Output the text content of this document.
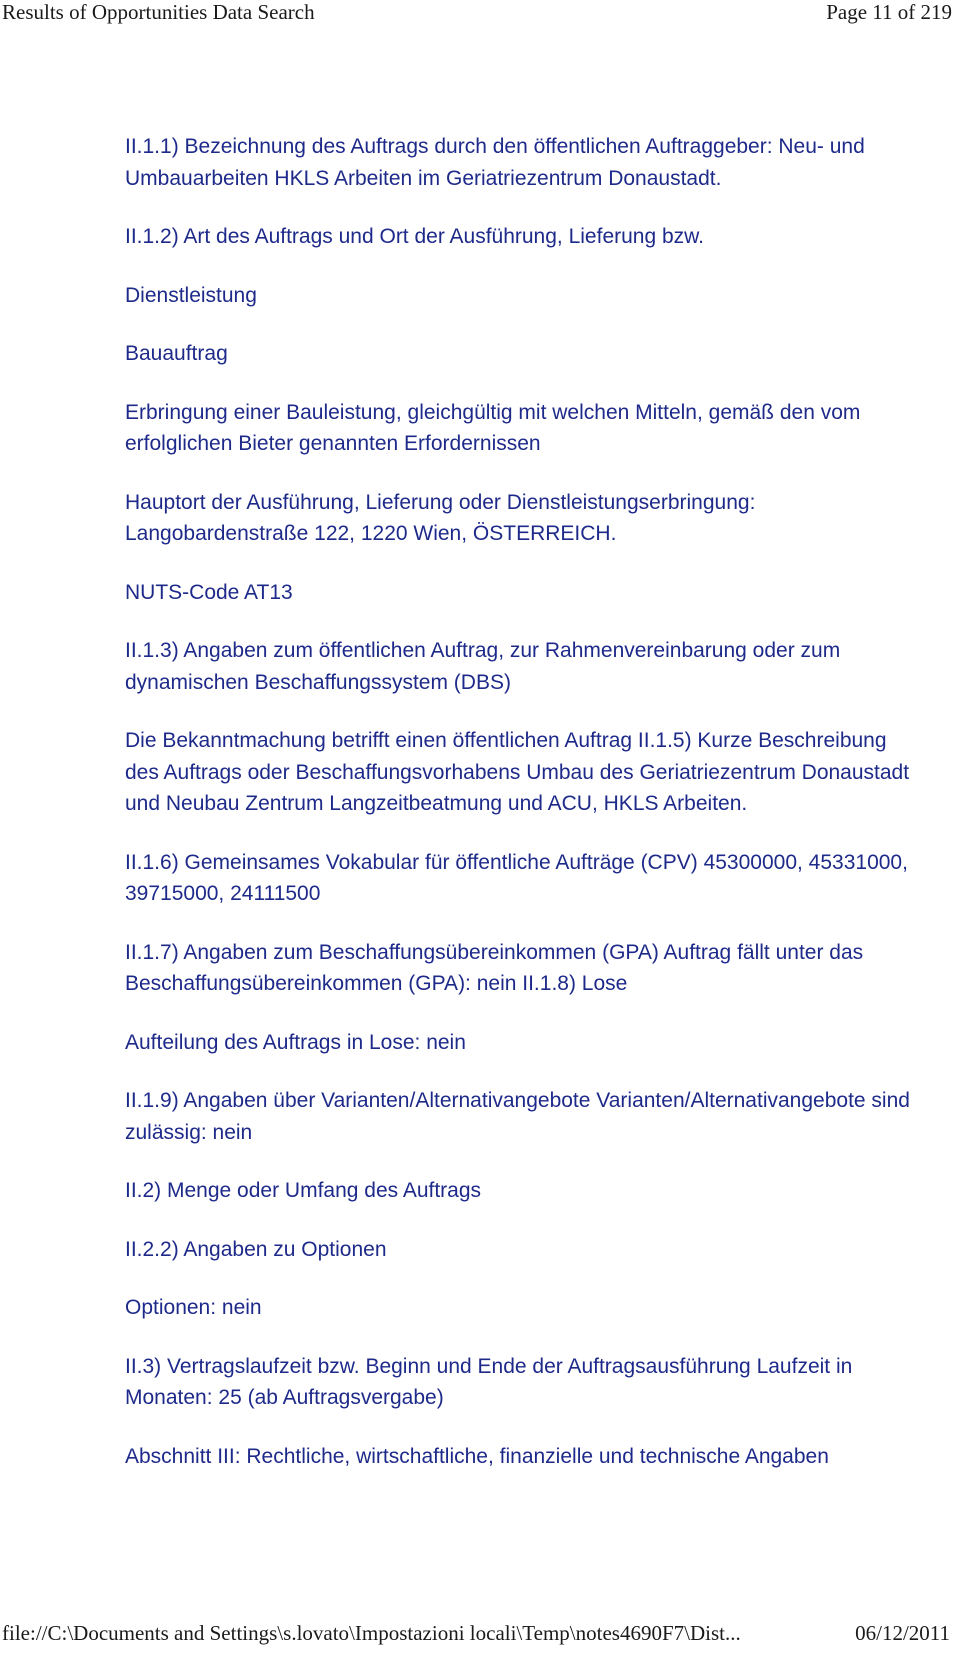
Results of Opportunities Data Search	Page 11 of 219

II.1.1) Bezeichnung des Auftrags durch den öffentlichen Auftraggeber: Neu- und Umbauarbeiten HKLS Arbeiten im Geriatriezentrum Donaustadt.

II.1.2) Art des Auftrags und Ort der Ausführung, Lieferung bzw.

Dienstleistung

Bauauftrag

Erbringung einer Bauleistung, gleichgültig mit welchen Mitteln, gemäß den vom erfolglichen Bieter genannten Erfordernissen

Hauptort der Ausführung, Lieferung oder Dienstleistungserbringung: Langobardenstraße 122, 1220 Wien, ÖSTERREICH.

NUTS-Code AT13

II.1.3) Angaben zum öffentlichen Auftrag, zur Rahmenvereinbarung oder zum dynamischen Beschaffungssystem (DBS)

Die Bekanntmachung betrifft einen öffentlichen Auftrag II.1.5) Kurze Beschreibung des Auftrags oder Beschaffungsvorhabens Umbau des Geriatriezentrum Donaustadt und Neubau Zentrum Langzeitbeatmung und ACU, HKLS Arbeiten.

II.1.6) Gemeinsames Vokabular für öffentliche Aufträge (CPV) 45300000, 45331000, 39715000, 24111500

II.1.7) Angaben zum Beschaffungsübereinkommen (GPA) Auftrag fällt unter das Beschaffungsübereinkommen (GPA): nein II.1.8) Lose

Aufteilung des Auftrags in Lose: nein

II.1.9) Angaben über Varianten/Alternativangebote Varianten/Alternativangebote sind zulässig: nein

II.2) Menge oder Umfang des Auftrags

II.2.2) Angaben zu Optionen

Optionen: nein

II.3) Vertragslaufzeit bzw. Beginn und Ende der Auftragsausführung Laufzeit in Monaten: 25 (ab Auftragsvergabe)

Abschnitt III: Rechtliche, wirtschaftliche, finanzielle und technische Angaben

file://C:\Documents and Settings\s.lovato\Impostazioni locali\Temp\notes4690F7\Dist...	06/12/2011
